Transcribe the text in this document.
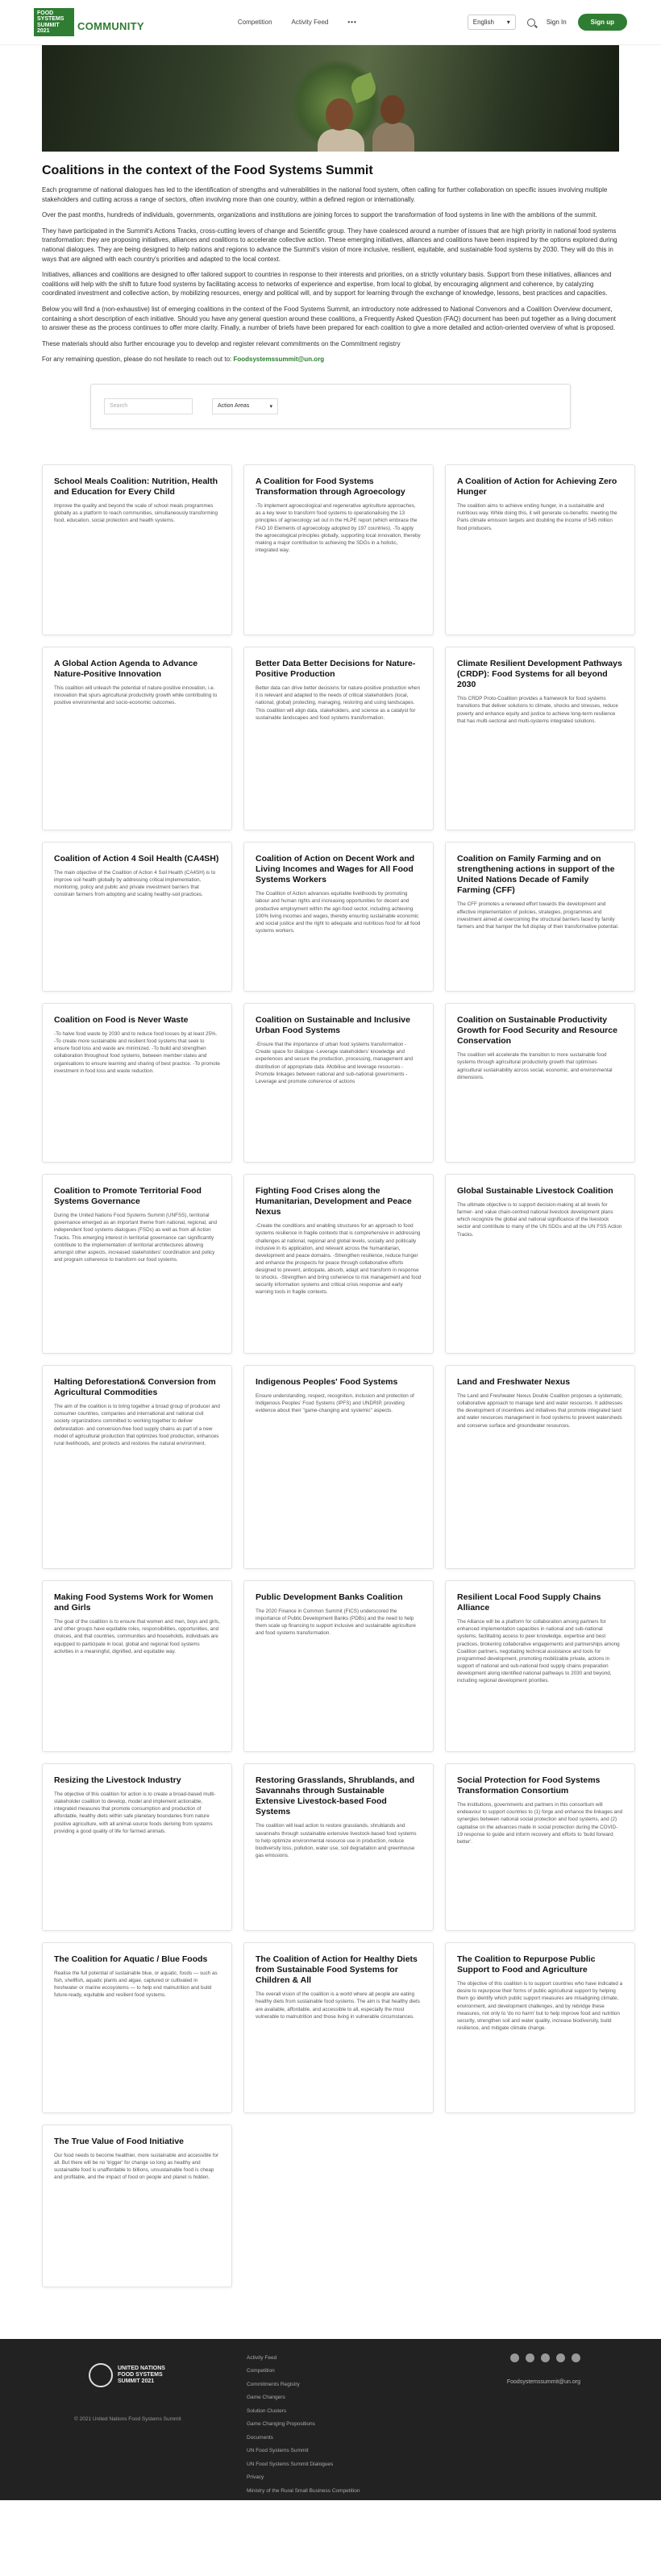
FOOD SYSTEMS
SUMMIT 2021	COMMUNITY	Competition	Activity Feed	•••	English ▾	Sign In	Sign up
Coalitions in the context of the Food Systems Summit

Each programme of national dialogues has led to the identification of strengths and vulnerabilities in the national food system, often calling for further collaboration on specific issues involving multiple stakeholders and cutting across a range of sectors, often involving more than one country, within a defined region or internationally.

Over the past months, hundreds of individuals, governments, organizations and institutions are joining forces to support the transformation of food systems in line with the ambitions of the summit.

They have participated in the Summit's Actions Tracks, cross-cutting levers of change and Scientific group. They have coalesced around a number of issues that are high priority in national food systems transformation: they are proposing initiatives, alliances and coalitions to accelerate collective action. These emerging initiatives, alliances and coalitions have been inspired by the options explored during national dialogues. They are being designed to help nations and regions to advance the Summit's vision of more inclusive, resilient, equitable, and sustainable food systems by 2030. They will do this in ways that are aligned with each country's priorities and adapted to the local context.

Initiatives, alliances and coalitions are designed to offer tailored support to countries in response to their interests and priorities, on a strictly voluntary basis. Support from these initiatives, alliances and coalitions will help with the shift to future food systems by facilitating access to networks of experience and expertise, from local to global, by encouraging alignment and coherence, by catalyzing coordinated investment and collective action, by mobilizing resources, energy and political will, and by support for learning through the exchange of knowledge, lessons, best practices and capacities.

Below you will find a (non-exhaustive) list of emerging coalitions in the context of the Food Systems Summit, an introductory note addressed to National Convenors and a Coalition Overview document, containing a short description of each initiative. Should you have any general question around these coalitions, a Frequently Asked Question (FAQ) document has been put together as a living document to answer these as the process continues to offer more clarity. Finally, a number of briefs have been prepared for each coalition to give a more detailed and action-oriented overview of what is proposed.

These materials should also further encourage you to develop and register relevant commitments on the Commitment registry

For any remaining question, please do not hesitate to reach out to: Foodsystemssummit@un.org

Search	Action Areas	▾
School Meals Coalition: Nutrition, Health and Education for Every Child

Improve the quality and beyond the scale of school meals programmes globally as a platform to reach communities, simultaneously transforming food, education, social protection and health systems.

A Coalition for Food Systems Transformation through Agroecology

-To implement agroecological and regenerative agriculture approaches, as a key lever to transform food systems to operationalising the 13 principles of agroecology set out in the HLPE report (which embrace the FAO 10 Elements of agroecology adopted by 197 countries). -To apply the agroecological principles globally, supporting local innovation, thereby making a major contribution to achieving the SDGs in a holistic, integrated way.

A Coalition of Action for Achieving Zero Hunger

The coalition aims to achieve ending hunger, in a sustainable and nutritious way. While doing this, it will generate co-benefits: meeting the Paris climate emission targets and doubling the income of 545 million food producers.

A Global Action Agenda to Advance Nature-Positive Innovation

This coalition will unleash the potential of nature-positive innovation, i.e. innovation that spurs agricultural productivity growth while contributing to positive environmental and socio-economic outcomes.

Better Data Better Decisions for Nature-Positive Production

Better data can drive better decisions for nature-positive production when it is relevant and adapted to the needs of critical stakeholders (local, national, global) protecting, managing, restoring and using landscapes. This coalition will align data, stakeholders, and science as a catalyst for sustainable landscapes and food systems transformation.

Climate Resilient Development Pathways (CRDP): Food Systems for all beyond 2030

This CRDP Proto-Coalition provides a framework for food systems transitions that deliver solutions to climate, shocks and stresses, reduce poverty and enhance equity and justice to achieve long-term resilience that has multi-sectoral and multi-systems integrated solutions.

Coalition of Action 4 Soil Health (CA4SH)

The main objective of the Coalition of Action 4 Soil Health (CA4SH) is to improve soil health globally by addressing critical implementation, monitoring, policy and public and private investment barriers that constrain farmers from adopting and scaling healthy-soil practices.

Coalition of Action on Decent Work and Living Incomes and Wages for All Food Systems Workers

The Coalition of Action advances equitable livelihoods by promoting labour and human rights and increasing opportunities for decent and productive employment within the agri-food sector, including achieving 100% living incomes and wages, thereby ensuring sustainable economic and social justice and the right to adequate and nutritious food for all food systems workers.

Coalition on Family Farming and on strengthening actions in support of the United Nations Decade of Family Farming (CFF)

The CFF promotes a renewed effort towards the development and effective implementation of policies, strategies, programmes and investment aimed at overcoming the structural barriers faced by family farmers and that hamper the full display of their transformative potential.

Coalition on Food is Never Waste

-To halve food waste by 2030 and to reduce food losses by at least 25%. -To create more sustainable and resilient food systems that seek to ensure food loss and waste are minimized. -To build and strengthen collaboration throughout food systems, between member states and organisations to ensure learning and sharing of best practice. -To promote investment in food loss and waste reduction.

Coalition on Sustainable and Inclusive Urban Food Systems

-Ensure that the importance of urban food systems transformation -Create space for dialogue -Leverage stakeholders' knowledge and experiences and secure the production, processing, management and distribution of appropriate data -Mobilise and leverage resources -Promote linkages between national and sub-national governments -Leverage and promote coherence of actions

Coalition on Sustainable Productivity Growth for Food Security and Resource Conservation

The coalition will accelerate the transition to more sustainable food systems through agricultural productivity growth that optimises agricultural sustainability across social, economic, and environmental dimensions.

Coalition to Promote Territorial Food Systems Governance

During the United Nations Food Systems Summit (UNFSS), territorial governance emerged as an important theme from national, regional, and independent food systems dialogues (FSDs) as well as from all Action Tracks. This emerging interest in territorial governance can significantly contribute to the implementation of territorial architectures allowing amongst other aspects, increased stakeholders' coordination and policy and program coherence to transform our food systems.

Fighting Food Crises along the Humanitarian, Development and Peace Nexus

-Create the conditions and enabling structures for an approach to food systems resilience in fragile contexts that is comprehensive in addressing challenges at national, regional and global levels, socially and politically inclusive in its application, and relevant across the humanitarian, development and peace domains. -Strengthen resilience, reduce hunger and enhance the prospects for peace through collaborative efforts designed to prevent, anticipate, absorb, adapt and transform in response to shocks. -Strengthen and bring coherence to risk management and food security information systems and critical crisis response and early warning tools in fragile contexts.

Global Sustainable Livestock Coalition

The ultimate objective is to support decision-making at all levels for farmer- and value chain-centred national livestock development plans which recognize the global and national significance of the livestock sector and contribute to many of the UN SDGs and all the UN FSS Action Tracks.

Halting Deforestation& Conversion from Agricultural Commodities

The aim of the coalition is to bring together a broad group of producer and consumer countries, companies and international and national civil society organizations committed to working together to deliver deforestation- and conversion-free food supply chains as part of a new model of agricultural production that optimizes food production, enhances rural livelihoods, and protects and restores the natural environment.

Indigenous Peoples' Food Systems

Ensure understanding, respect, recognition, inclusion and protection of Indigenous Peoples' Food Systems (IPFS) and UNDRIP, providing evidence about their "game-changing and systemic" aspects.

Land and Freshwater Nexus

The Land and Freshwater Nexus Double Coalition proposes a systematic, collaborative approach to manage land and water resources. It addresses the development of incentives and initiatives that promote integrated land and water resources management in food systems to prevent watersheds and conserve surface and groundwater resources.

Making Food Systems Work for Women and Girls

The goal of the coalition is to ensure that women and men, boys and girls, and other groups have equitable roles, responsibilities, opportunities, and choices, and that countries, communities and households, individuals are equipped to participate in local, global and regional food systems activities in a meaningful, dignified, and equitable way.

Public Development Banks Coalition

The 2020 Finance in Common Summit (FICS) underscored the importance of Public Development Banks (PDBs) and the need to help them scale up financing to support inclusive and sustainable agriculture and food systems transformation.

Resilient Local Food Supply Chains Alliance

The Alliance will be a platform for collaboration among partners for enhanced implementation capacities in national and sub-national systems, facilitating access to peer knowledge, expertise and best practices, brokering collaborative engagements and partnerships among Coalition partners, negotiating technical assistance and tools for programmed development, promoting mobilizable private, actions in support of national and sub-national food supply chains preparation development along identified national pathways to 2030 and beyond, including regional development priorities.

Resizing the Livestock Industry

The objective of this coalition for action is to create a broad-based multi-stakeholder coalition to develop, model and implement actionable, integrated measures that promote consumption and production of affordable, healthy diets within safe planetary boundaries from nature positive agriculture, with all animal-source foods deriving from systems providing a good quality of life for farmed animals.

Restoring Grasslands, Shrublands, and Savannahs through Sustainable Extensive Livestock-based Food Systems

The coalition will lead action to restore grasslands, shrublands and savannahs through sustainable extensive livestock-based food systems to help optimize environmental resource use in production, reduce biodiversity loss, pollution, water use, soil degradation and greenhouse gas emissions.

Social Protection for Food Systems Transformation Consortium

The institutions, governments and partners in this consortium will endeavour to support countries to (1) forge and enhance the linkages and synergies between national social protection and food systems, and (2) capitalise on the advances made in social protection during the COVID-19 response to guide and inform recovery and efforts to 'build forward better'.

The Coalition for Aquatic / Blue Foods

Realise the full potential of sustainable blue, or aquatic, foods — such as fish, shellfish, aquatic plants and algae, captured or cultivated in freshwater or marine ecosystems — to help end malnutrition and build future-ready, equitable and resilient food systems.

The Coalition of Action for Healthy Diets from Sustainable Food Systems for Children & All

The overall vision of the coalition is a world where all people are eating healthy diets from sustainable food systems. The aim is that healthy diets are available, affordable, and accessible to all, especially the most vulnerable to malnutrition and those living in vulnerable circumstances.

The Coalition to Repurpose Public Support to Food and Agriculture

The objective of this coalition is to support countries who have indicated a desire to repurpose their forms of public agricultural support by helping them go identify which public support measures are misaligning climate, environment, and development challenges, and by rebridge these measures, not only to 'do no harm' but to help improve food and nutrition security, strengthen soil and water quality, increase biodiversity, build resilience, and mitigate climate change.

The True Value of Food Initiative

Our food needs to become healthier, more sustainable and accessible for all. But there will be no 'trigger' for change so long as healthy and sustainable food is unaffordable to billions, unsustainable food is cheap and profitable, and the impact of food on people and planet is hidden.

UNITED NATIONS
FOOD SYSTEMS
SUMMIT 2021
Activity Feed
Competition
Commitments Registry
Game Changers
Solution Clusters
Game Changing Propositions
Documents
UN Food Systems Summit
UN Food Systems Summit Dialogues
Privacy
Ministry of the Rural Small Business Competition
Foodsystemssummit@un.org
© 2021 United Nations Food Systems Summit
